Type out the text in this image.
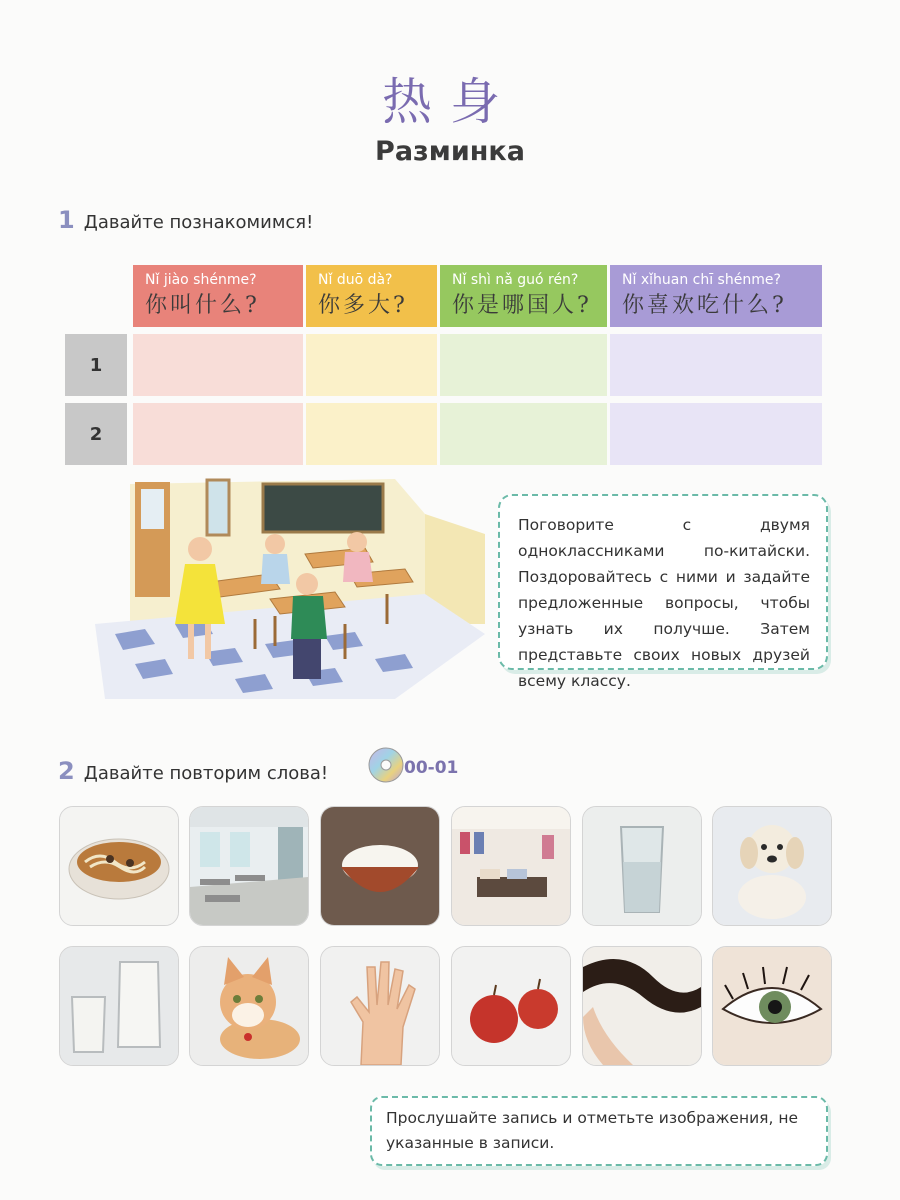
热身
Разминка
1 Давайте познакомимся!
Nǐ jiào shénme?
你叫什么?
Nǐ duō dà?
你多大?
Nǐ shì nǎ guó rén?
你是哪国人?
Nǐ xǐhuan chī shénme?
你喜欢吃什么?
1
2
Поговорите с двумя одноклассниками по-китайски. Поздоровайтесь с ними и задайте предложенные вопросы, чтобы узнать их получше. Затем представьте своих новых друзей всему классу.
2 Давайте повторим слова!	00-01
Прослушайте запись и отметьте изображения, не указанные в записи.
